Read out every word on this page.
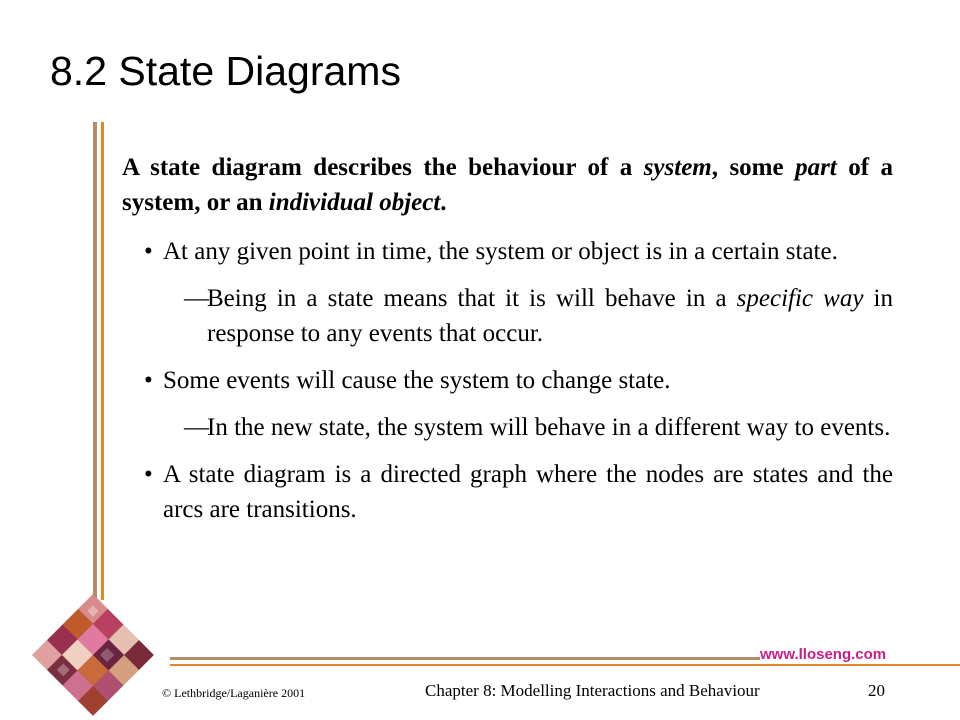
8.2 State Diagrams

A state diagram describes the behaviour of a system, some part of a system, or an individual object.

• At any given point in time, the system or object is in a certain state.
—
Being in a state means that it is will behave in a specific way in response to any events that occur.
• Some events will cause the system to change state.
—
In the new state, the system will behave in a different way to events.
• A state diagram is a directed graph where the nodes are states and the arcs are transitions.
www.lloseng.com
© Lethbridge/Laganière 2001	Chapter 8: Modelling Interactions and Behaviour	20
